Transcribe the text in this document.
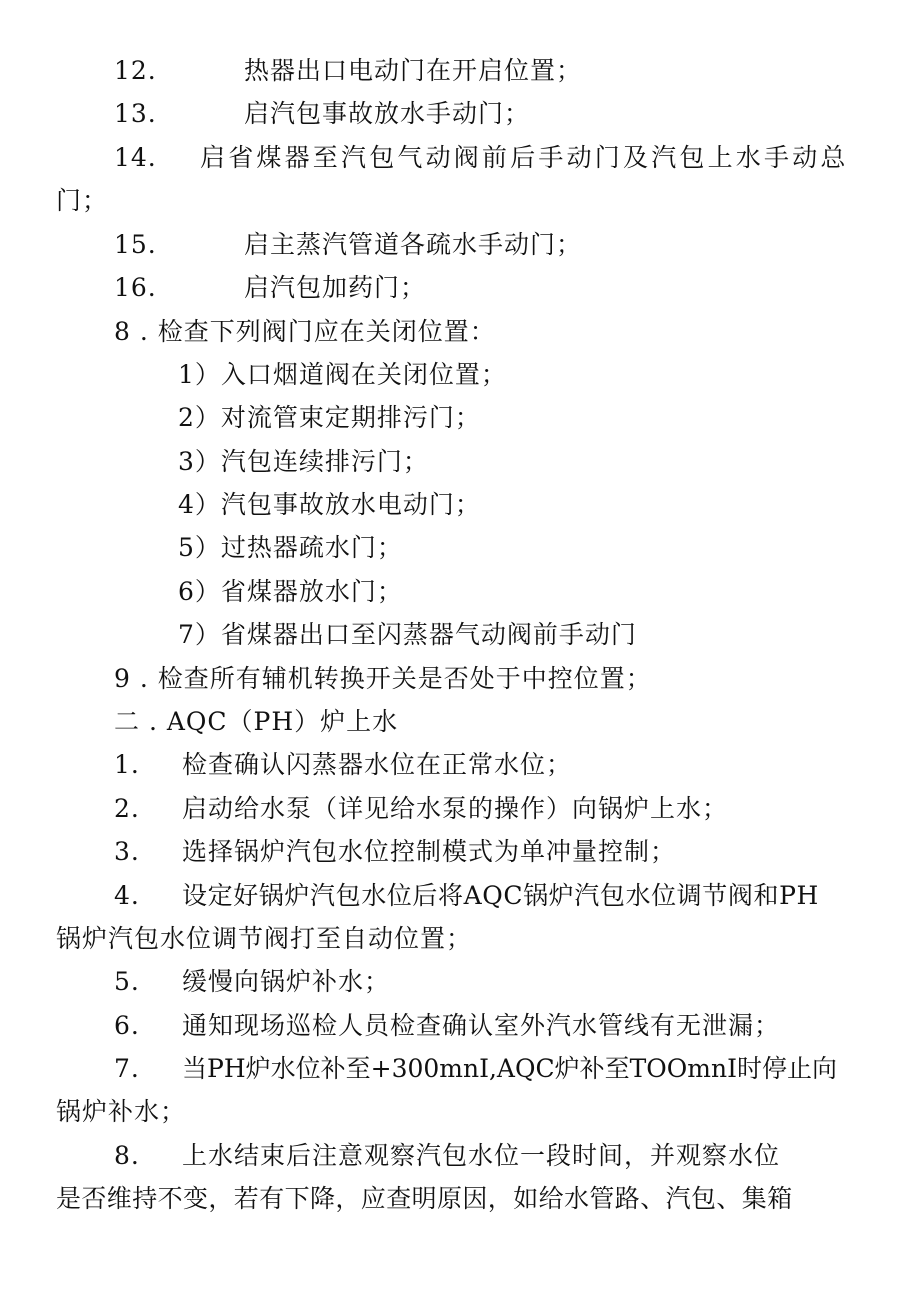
12.	热器出口电动门在开启位置；
13.	启汽包事故放水手动门；
14. 启省煤器至汽包气动阀前后手动门及汽包上水手动总
门；
15.	启主蒸汽管道各疏水手动门；
16.	启汽包加药门；
8 . 检查下列阀门应在关闭位置：
1）入口烟道阀在关闭位置；
2）对流管束定期排污门；
3）汽包连续排污门；
4）汽包事故放水电动门；
5）过热器疏水门；
6）省煤器放水门；
7）省煤器出口至闪蒸器气动阀前手动门
9 . 检查所有辅机转换开关是否处于中控位置；
二 . AQC（PH）炉上水
1. 检查确认闪蒸器水位在正常水位；
2. 启动给水泵（详见给水泵的操作）向锅炉上水；
3. 选择锅炉汽包水位控制模式为单冲量控制；
4. 设定好锅炉汽包水位后将AQC锅炉汽包水位调节阀和PH
锅炉汽包水位调节阀打至自动位置；
5. 缓慢向锅炉补水；
6. 通知现场巡检人员检查确认室外汽水管线有无泄漏；
7. 当PH炉水位补至+300mnI,AQC炉补至TOOmnI时停止向
锅炉补水；
8. 上水结束后注意观察汽包水位一段时间，并观察水位
是否维持不变，若有下降，应查明原因，如给水管路、汽包、集箱
